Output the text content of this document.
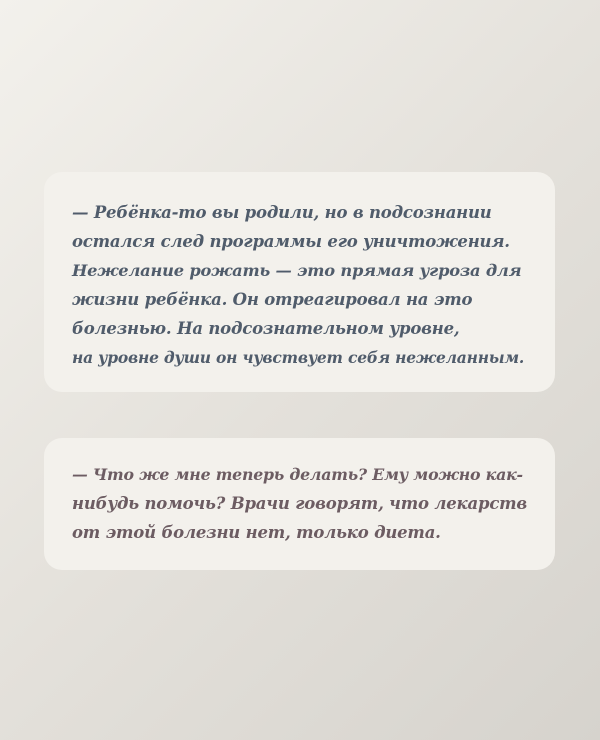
— Ребёнка-то вы родили, но в подсознании
остался след программы его уничтожения.
Нежелание рожать — это прямая угроза для
жизни ребёнка. Он отреагировал на это
болезнью. На подсознательном уровне,
на уровне души он чувствует себя нежеланным.
— Что же мне теперь делать? Ему можно как-
нибудь помочь? Врачи говорят, что лекарств
от этой болезни нет, только диета.
